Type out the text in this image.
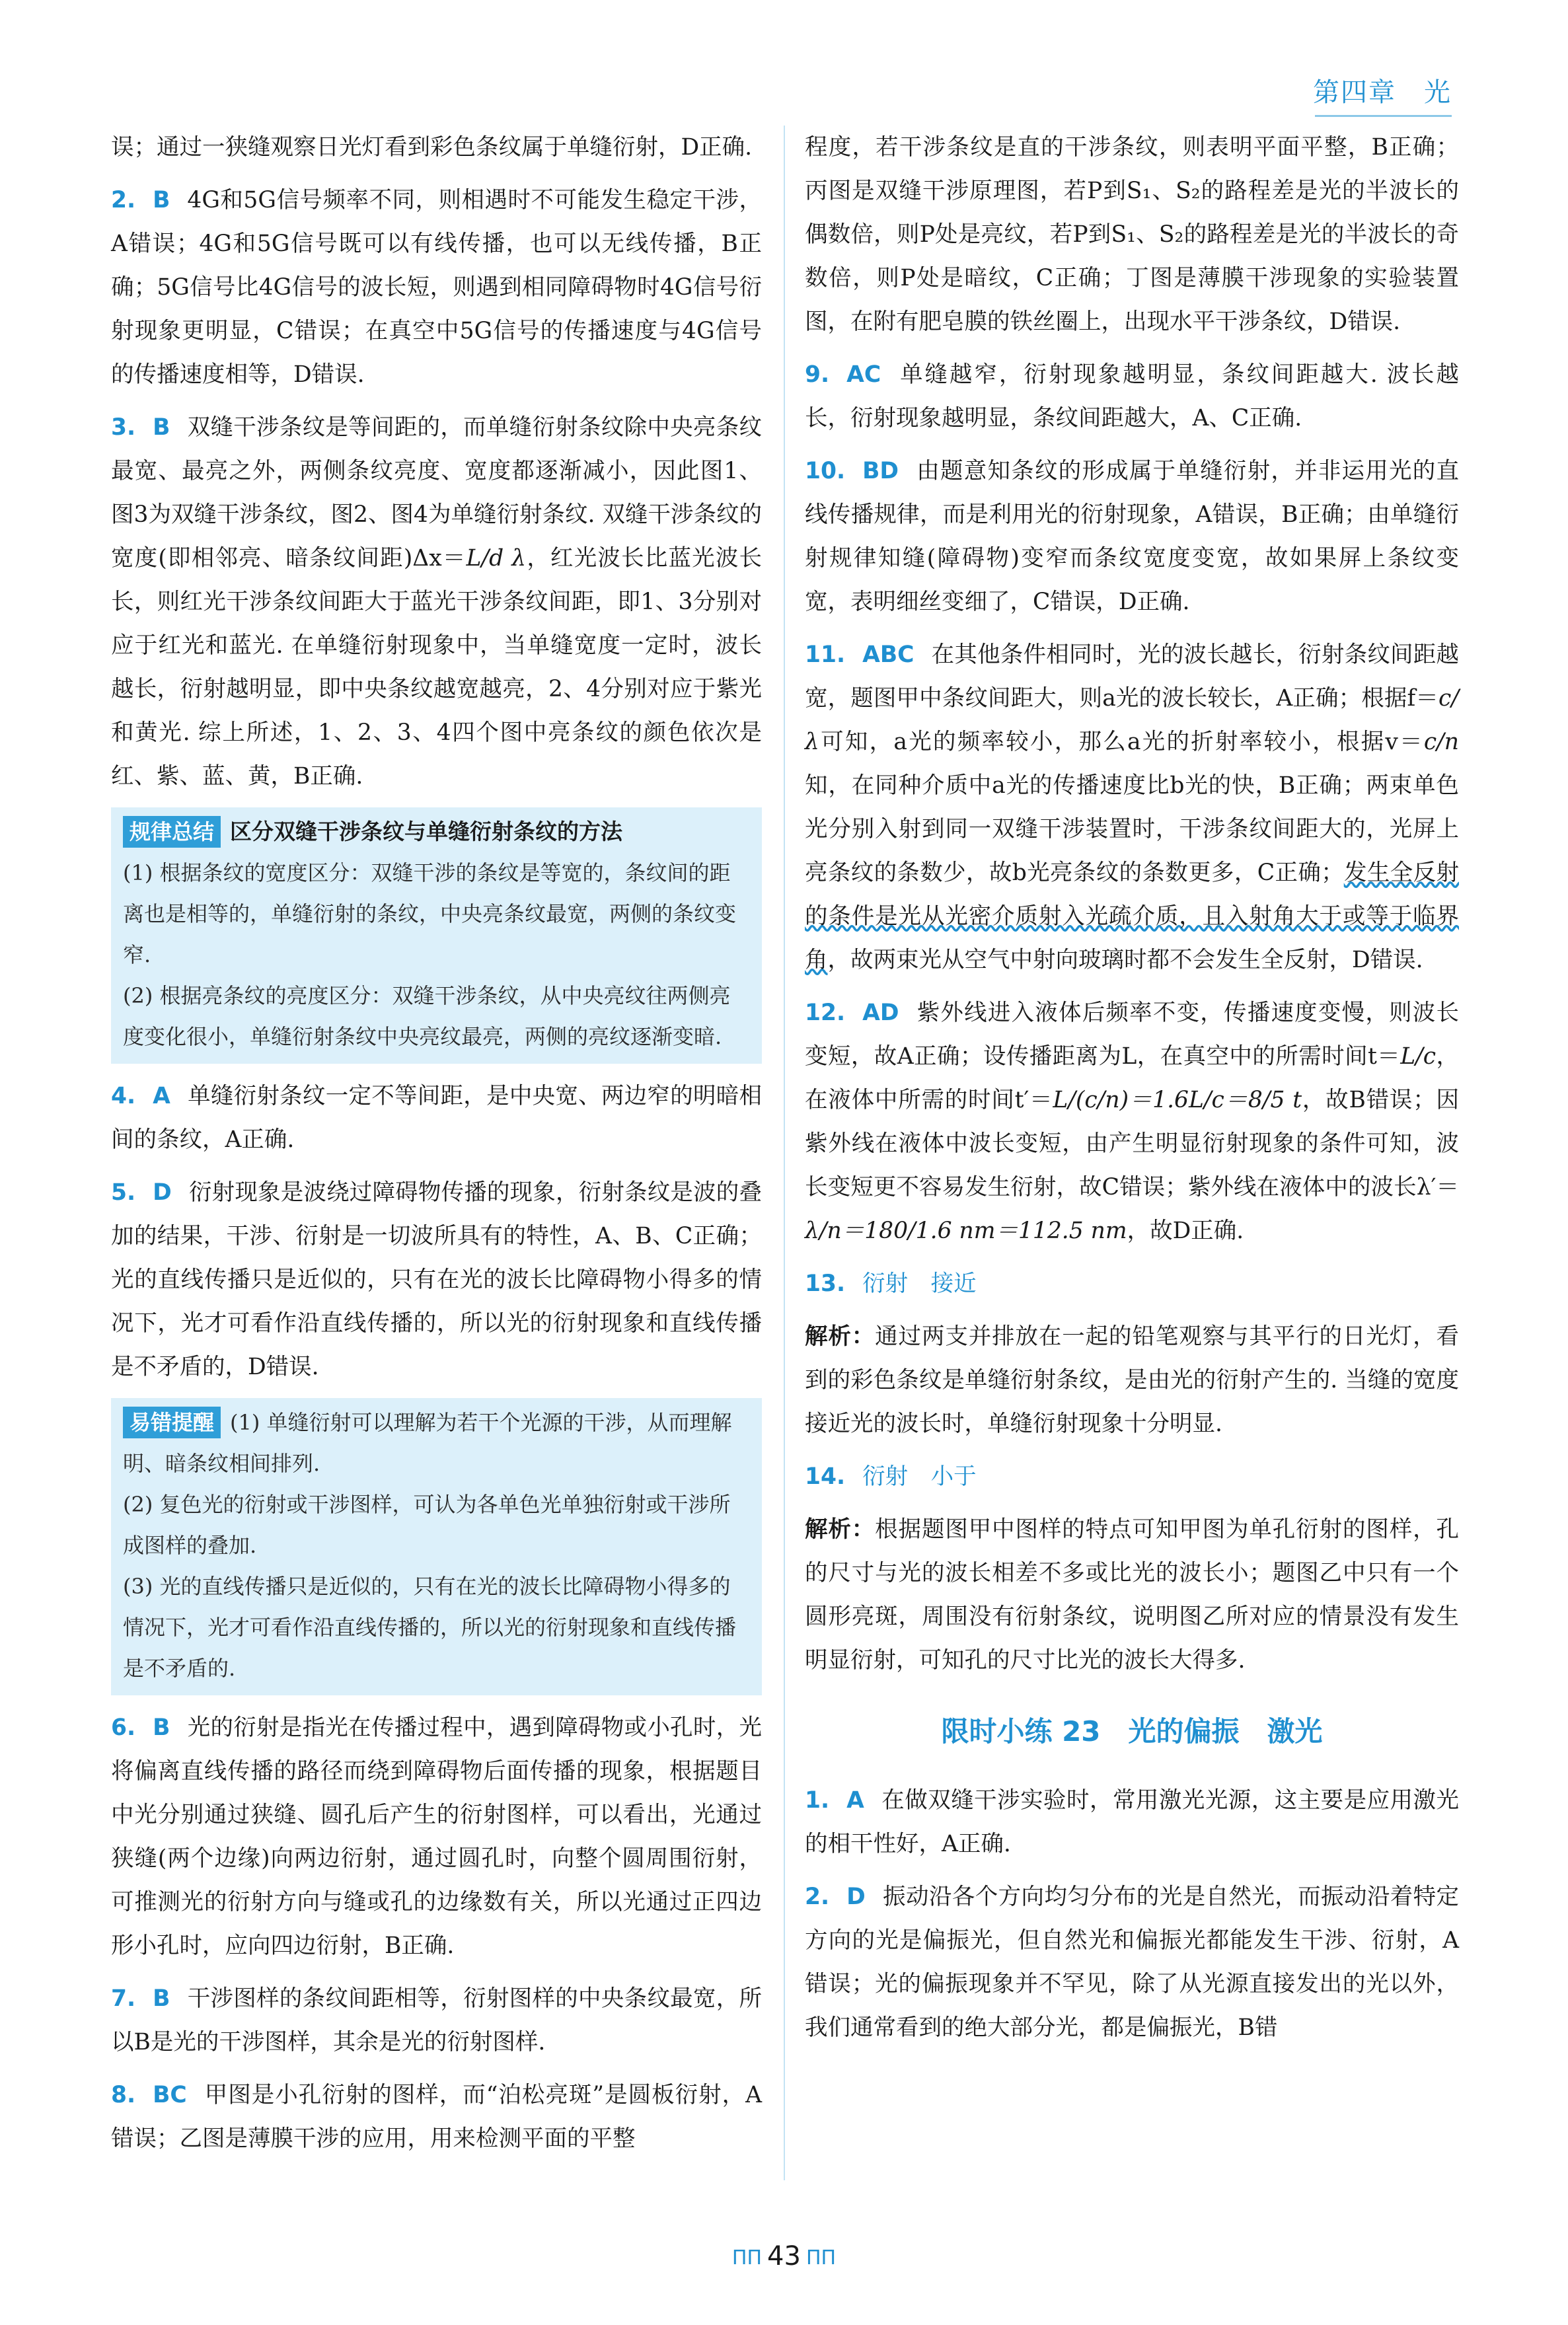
第四章　光

误；通过一狭缝观察日光灯看到彩色条纹属于单缝衍射，D正确.

2. B 4G和5G信号频率不同，则相遇时不可能发生稳定干涉，A错误；4G和5G信号既可以有线传播，也可以无线传播，B正确；5G信号比4G信号的波长短，则遇到相同障碍物时4G信号衍射现象更明显，C错误；在真空中5G信号的传播速度与4G信号的传播速度相等，D错误.

3. B 双缝干涉条纹是等间距的，而单缝衍射条纹除中央亮条纹最宽、最亮之外，两侧条纹亮度、宽度都逐渐减小，因此图1、图3为双缝干涉条纹，图2、图4为单缝衍射条纹. 双缝干涉条纹的宽度(即相邻亮、暗条纹间距)Δx＝L/d λ，红光波长比蓝光波长长，则红光干涉条纹间距大于蓝光干涉条纹间距，即1、3分别对应于红光和蓝光. 在单缝衍射现象中，当单缝宽度一定时，波长越长，衍射越明显，即中央条纹越宽越亮，2、4分别对应于紫光和黄光. 综上所述，1、2、3、4四个图中亮条纹的颜色依次是红、紫、蓝、黄，B正确.

规律总结 区分双缝干涉条纹与单缝衍射条纹的方法

(1) 根据条纹的宽度区分：双缝干涉的条纹是等宽的，条纹间的距离也是相等的，单缝衍射的条纹，中央亮条纹最宽，两侧的条纹变窄.

(2) 根据亮条纹的亮度区分：双缝干涉条纹，从中央亮纹往两侧亮度变化很小，单缝衍射条纹中央亮纹最亮，两侧的亮纹逐渐变暗.

4. A 单缝衍射条纹一定不等间距，是中央宽、两边窄的明暗相间的条纹，A正确.

5. D 衍射现象是波绕过障碍物传播的现象，衍射条纹是波的叠加的结果，干涉、衍射是一切波所具有的特性，A、B、C正确；光的直线传播只是近似的，只有在光的波长比障碍物小得多的情况下，光才可看作沿直线传播的，所以光的衍射现象和直线传播是不矛盾的，D错误.

易错提醒 (1) 单缝衍射可以理解为若干个光源的干涉，从而理解明、暗条纹相间排列.

(2) 复色光的衍射或干涉图样，可认为各单色光单独衍射或干涉所成图样的叠加.

(3) 光的直线传播只是近似的，只有在光的波长比障碍物小得多的情况下，光才可看作沿直线传播的，所以光的衍射现象和直线传播是不矛盾的.

6. B 光的衍射是指光在传播过程中，遇到障碍物或小孔时，光将偏离直线传播的路径而绕到障碍物后面传播的现象，根据题目中光分别通过狭缝、圆孔后产生的衍射图样，可以看出，光通过狭缝(两个边缘)向两边衍射，通过圆孔时，向整个圆周围衍射，可推测光的衍射方向与缝或孔的边缘数有关，所以光通过正四边形小孔时，应向四边衍射，B正确.

7. B 干涉图样的条纹间距相等，衍射图样的中央条纹最宽，所以B是光的干涉图样，其余是光的衍射图样.

8. BC 甲图是小孔衍射的图样，而“泊松亮斑”是圆板衍射，A错误；乙图是薄膜干涉的应用，用来检测平面的平整

程度，若干涉条纹是直的干涉条纹，则表明平面平整，B正确；丙图是双缝干涉原理图，若P到S₁、S₂的路程差是光的半波长的偶数倍，则P处是亮纹，若P到S₁、S₂的路程差是光的半波长的奇数倍，则P处是暗纹，C正确；丁图是薄膜干涉现象的实验装置图，在附有肥皂膜的铁丝圈上，出现水平干涉条纹，D错误.

9. AC 单缝越窄，衍射现象越明显，条纹间距越大. 波长越长，衍射现象越明显，条纹间距越大，A、C正确.

10. BD 由题意知条纹的形成属于单缝衍射，并非运用光的直线传播规律，而是利用光的衍射现象，A错误，B正确；由单缝衍射规律知缝(障碍物)变窄而条纹宽度变宽，故如果屏上条纹变宽，表明细丝变细了，C错误，D正确.

11. ABC 在其他条件相同时，光的波长越长，衍射条纹间距越宽，题图甲中条纹间距大，则a光的波长较长，A正确；根据f＝c/λ可知，a光的频率较小，那么a光的折射率较小，根据v＝c/n知，在同种介质中a光的传播速度比b光的快，B正确；两束单色光分别入射到同一双缝干涉装置时，干涉条纹间距大的，光屏上亮条纹的条数少，故b光亮条纹的条数更多，C正确；发生全反射的条件是光从光密介质射入光疏介质，且入射角大于或等于临界角，故两束光从空气中射向玻璃时都不会发生全反射，D错误.

12. AD 紫外线进入液体后频率不变，传播速度变慢，则波长变短，故A正确；设传播距离为L，在真空中的所需时间t＝L/c，在液体中所需的时间t′＝L/(c/n)＝1.6L/c＝8/5 t，故B错误；因紫外线在液体中波长变短，由产生明显衍射现象的条件可知，波长变短更不容易发生衍射，故C错误；紫外线在液体中的波长λ′＝λ/n＝180/1.6 nm＝112.5 nm，故D正确.

13. 衍射　接近

解析：通过两支并排放在一起的铅笔观察与其平行的日光灯，看到的彩色条纹是单缝衍射条纹，是由光的衍射产生的. 当缝的宽度接近光的波长时，单缝衍射现象十分明显.

14. 衍射　小于

解析：根据题图甲中图样的特点可知甲图为单孔衍射的图样，孔的尺寸与光的波长相差不多或比光的波长小；题图乙中只有一个圆形亮斑，周围没有衍射条纹，说明图乙所对应的情景没有发生明显衍射，可知孔的尺寸比光的波长大得多.

限时小练 23　光的偏振　激光

1. A 在做双缝干涉实验时，常用激光光源，这主要是应用激光的相干性好，A正确.

2. D 振动沿各个方向均匀分布的光是自然光，而振动沿着特定方向的光是偏振光，但自然光和偏振光都能发生干涉、衍射，A错误；光的偏振现象并不罕见，除了从光源直接发出的光以外，我们通常看到的绝大部分光，都是偏振光，B错

ΠΠ 43 ΠΠ
